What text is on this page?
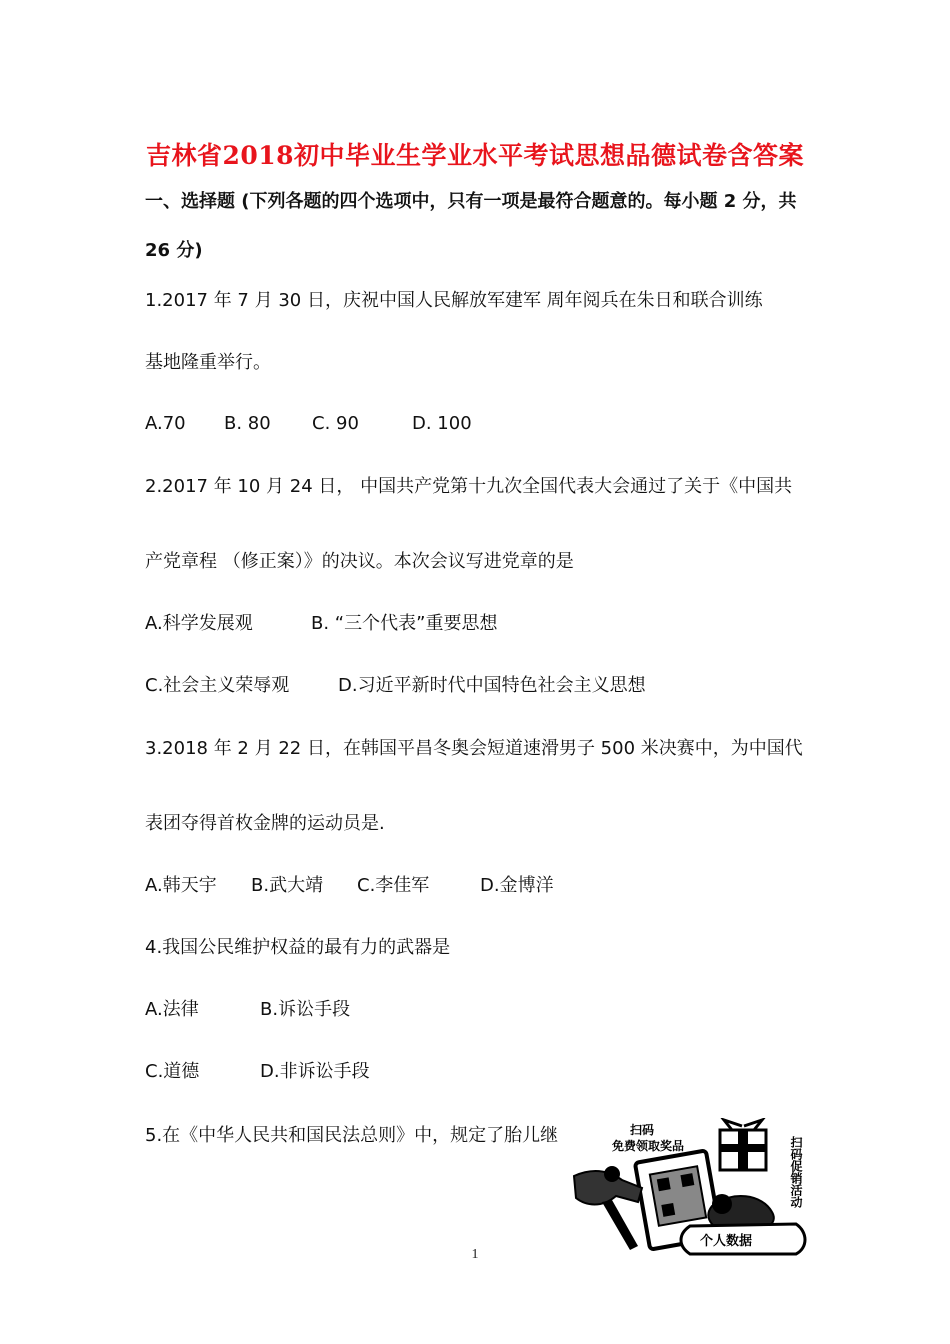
吉林省2018初中毕业生学业水平考试思想品德试卷含答案
一、选择题 (下列各题的四个选项中，只有一项是最符合题意的。每小题 2 分，共
26 分)
1.2017 年 7 月 30 日，庆祝中国人民解放军建军 周年阅兵在朱日和联合训练
基地隆重举行。
A.70 B. 80 C. 90	D. 100
2.2017 年 10 月 24 日， 中国共产党第十九次全国代表大会通过了关于《中国共
产党章程 （修正案）》的决议。本次会议写进党章的是
A.科学发展观	B. “三个代表”重要思想
C.社会主义荣辱观	D.习近平新时代中国特色社会主义思想
3.2018 年 2 月 22 日，在韩国平昌冬奥会短道速滑男子 500 米决赛中，为中国代
表团夺得首枚金牌的运动员是.
A.韩天宇 B.武大靖 C.李佳军	D.金博洋
4.我国公民维护权益的最有力的武器是
A.法律	B.诉讼手段
C.道德	D.非诉讼手段
5.在《中华人民共和国民法总则》中，规定了胎儿继	扫码
免费领取奖品	扫码促销活动
个人数据
1
